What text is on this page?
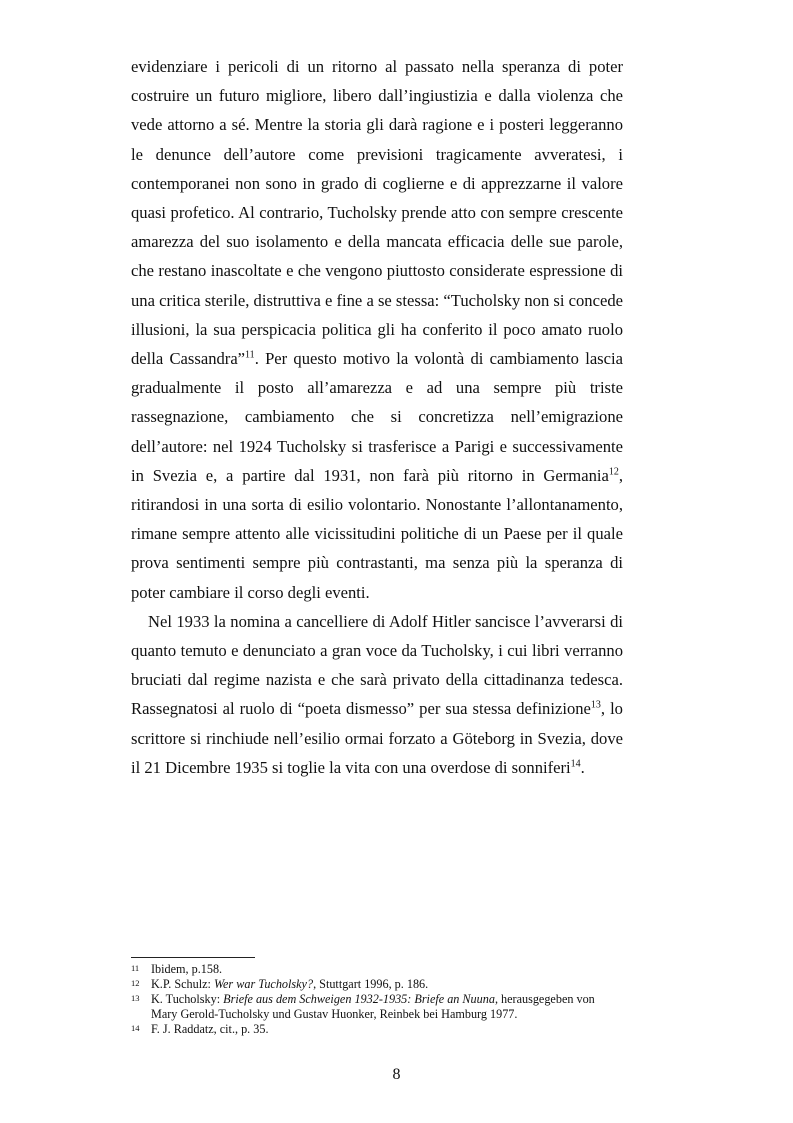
evidenziare i pericoli di un ritorno al passato nella speranza di poter costruire un futuro migliore, libero dall’ingiustizia e dalla violenza che vede attorno a sé. Mentre la storia gli darà ragione e i posteri leggeranno le denunce dell’autore come previsioni tragicamente avveratesi, i contemporanei non sono in grado di coglierne e di apprezzarne il valore quasi profetico. Al contrario, Tucholsky prende atto con sempre crescente amarezza del suo isolamento e della mancata efficacia delle sue parole, che restano inascoltate e che vengono piuttosto considerate espressione di una critica sterile, distruttiva e fine a se stessa: “Tucholsky non si concede illusioni, la sua perspicacia politica gli ha conferito il poco amato ruolo della Cassandra”$^{11}$. Per questo motivo la volontà di cambiamento lascia gradualmente il posto all’amarezza e ad una sempre più triste rassegnazione, cambiamento che si concretizza nell’emigrazione dell’autore: nel 1924 Tucholsky si trasferisce a Parigi e successivamente in Svezia e, a partire dal 1931, non farà più ritorno in Germania$^{12}$, ritirandosi in una sorta di esilio volontario. Nonostante l’allontanamento, rimane sempre attento alle vicissitudini politiche di un Paese per il quale prova sentimenti sempre più contrastanti, ma senza più la speranza di poter cambiare il corso degli eventi.

Nel 1933 la nomina a cancelliere di Adolf Hitler sancisce l’avverarsi di quanto temuto e denunciato a gran voce da Tucholsky, i cui libri verranno bruciati dal regime nazista e che sarà privato della cittadinanza tedesca. Rassegnatosi al ruolo di “poeta dismesso” per sua stessa definizione$^{13}$, lo scrittore si rinchiude nell’esilio ormai forzato a Göteborg in Svezia, dove il 21 Dicembre 1935 si toglie la vita con una overdose di sonniferi$^{14}$.

11 Ibidem, p.158.
12 K.P. Schulz: Wer war Tucholsky?, Stuttgart 1996, p. 186.
13 K. Tucholsky: Briefe aus dem Schweigen 1932-1935: Briefe an Nuuna, herausgegeben von Mary Gerold-Tucholsky und Gustav Huonker, Reinbek bei Hamburg 1977.
14 F. J. Raddatz, cit., p. 35.
8
